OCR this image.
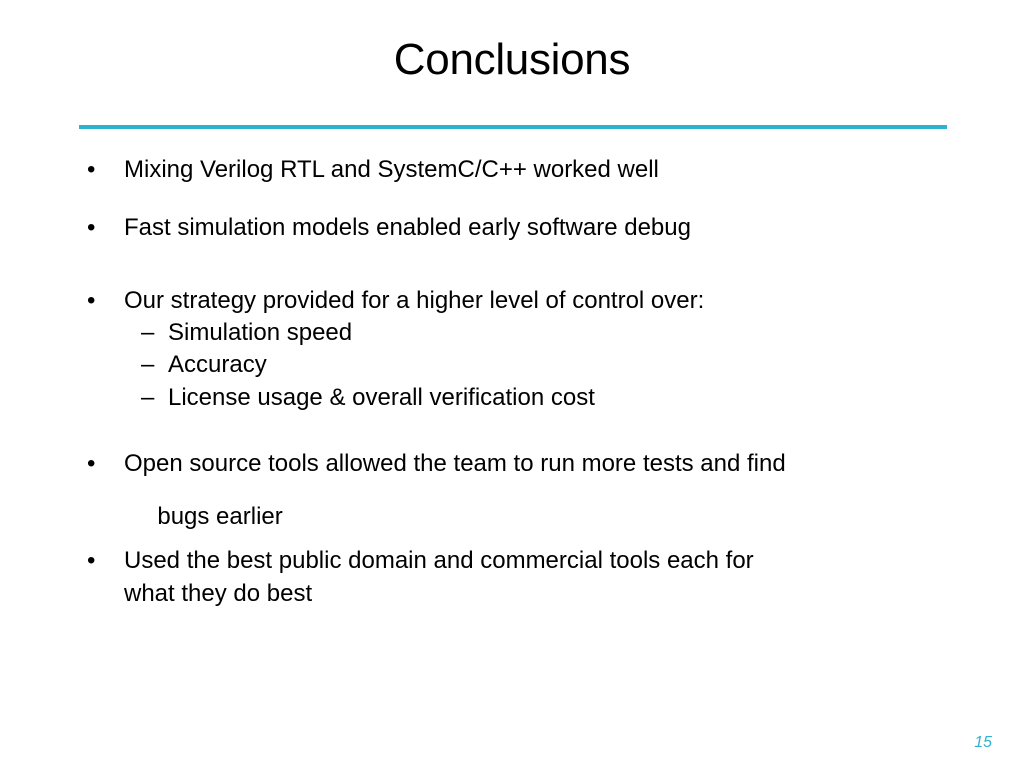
Conclusions
• Mixing Verilog RTL and SystemC/C++ worked well
• Fast simulation models enabled early software debug
• Our strategy provided for a higher level of control over:
– Simulation speed
– Accuracy
– License usage & overall verification cost
• Open source tools allowed the team to run more tests and find

bugs earlier

• Used the best public domain and commercial tools each for
what they do best
15
